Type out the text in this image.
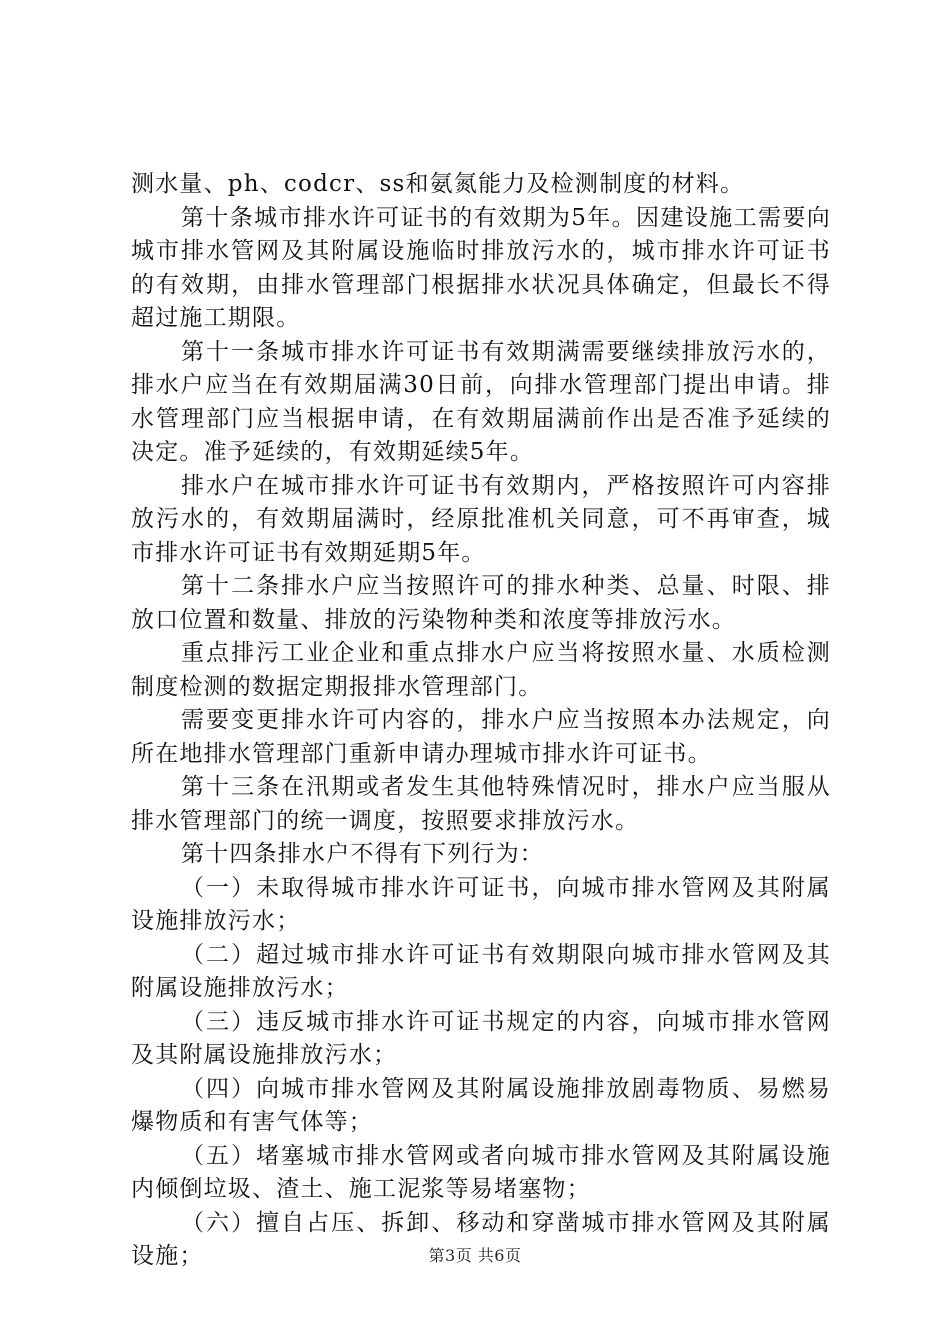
测水量、ph、codcr、ss和氨氮能力及检测制度的材料。

第十条城市排水许可证书的有效期为5年。因建设施工需要向城市排水管网及其附属设施临时排放污水的，城市排水许可证书的有效期，由排水管理部门根据排水状况具体确定，但最长不得超过施工期限。

第十一条城市排水许可证书有效期满需要继续排放污水的，排水户应当在有效期届满30日前，向排水管理部门提出申请。排水管理部门应当根据申请，在有效期届满前作出是否准予延续的决定。准予延续的，有效期延续5年。

排水户在城市排水许可证书有效期内，严格按照许可内容排放污水的，有效期届满时，经原批准机关同意，可不再审查，城市排水许可证书有效期延期5年。

第十二条排水户应当按照许可的排水种类、总量、时限、排放口位置和数量、排放的污染物种类和浓度等排放污水。

重点排污工业企业和重点排水户应当将按照水量、水质检测制度检测的数据定期报排水管理部门。

需要变更排水许可内容的，排水户应当按照本办法规定，向所在地排水管理部门重新申请办理城市排水许可证书。

第十三条在汛期或者发生其他特殊情况时，排水户应当服从排水管理部门的统一调度，按照要求排放污水。

第十四条排水户不得有下列行为：

（一）未取得城市排水许可证书，向城市排水管网及其附属设施排放污水；

（二）超过城市排水许可证书有效期限向城市排水管网及其附属设施排放污水；

（三）违反城市排水许可证书规定的内容，向城市排水管网及其附属设施排放污水；

（四）向城市排水管网及其附属设施排放剧毒物质、易燃易爆物质和有害气体等；

（五）堵塞城市排水管网或者向城市排水管网及其附属设施内倾倒垃圾、渣土、施工泥浆等易堵塞物；

（六）擅自占压、拆卸、移动和穿凿城市排水管网及其附属设施；	第3页 共6页
